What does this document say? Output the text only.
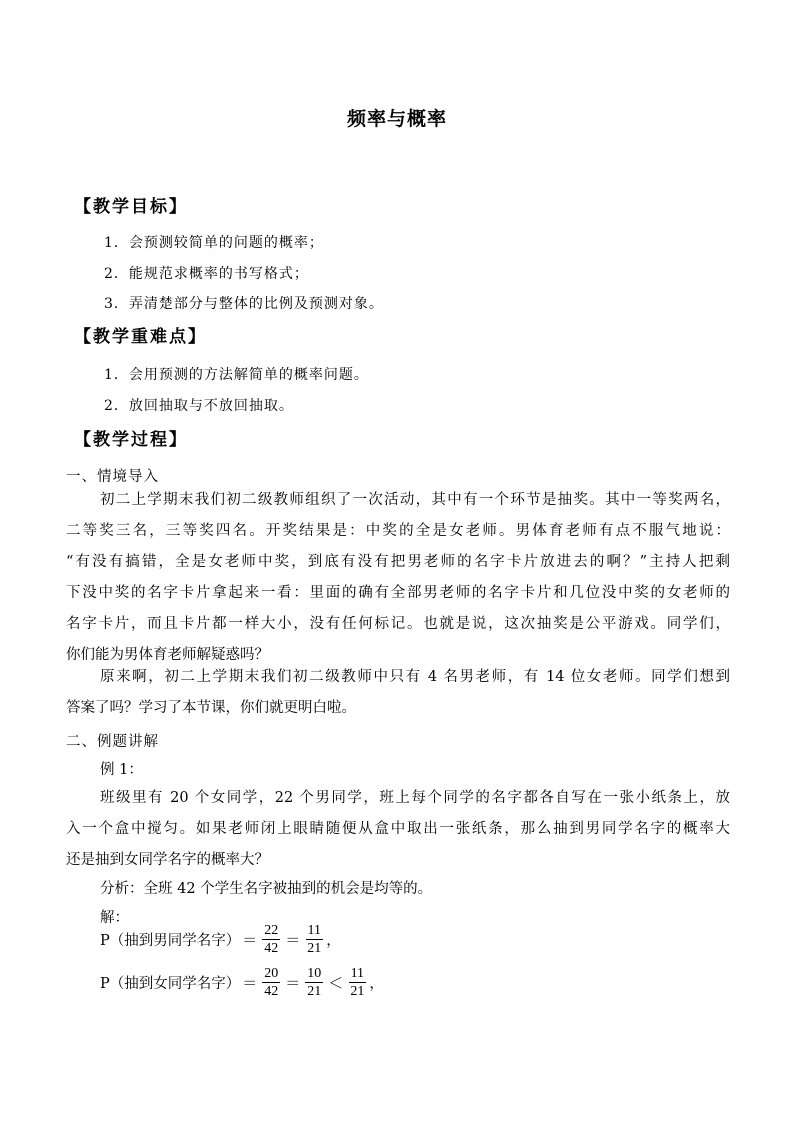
频率与概率
【教学目标】
1．会预测较简单的问题的概率；
2．能规范求概率的书写格式；
3．弄清楚部分与整体的比例及预测对象。
【教学重难点】
1．会用预测的方法解简单的概率问题。
2．放回抽取与不放回抽取。
【教学过程】
一、情境导入
初二上学期末我们初二级教师组织了一次活动，其中有一个环节是抽奖。其中一等奖两名，
二等奖三名，三等奖四名。开奖结果是：中奖的全是女老师。男体育老师有点不服气地说：
“有没有搞错，全是女老师中奖，到底有没有把男老师的名字卡片放进去的啊？”主持人把剩
下没中奖的名字卡片拿起来一看：里面的确有全部男老师的名字卡片和几位没中奖的女老师的
名字卡片，而且卡片都一样大小，没有任何标记。也就是说，这次抽奖是公平游戏。同学们，
你们能为男体育老师解疑惑吗？
原来啊，初二上学期末我们初二级教师中只有 4 名男老师，有 14 位女老师。同学们想到
答案了吗？学习了本节课，你们就更明白啦。
二、例题讲解
例 1：
班级里有 20 个女同学，22 个男同学，班上每个同学的名字都各自写在一张小纸条上，放
入一个盒中搅匀。如果老师闭上眼睛随便从盒中取出一张纸条，那么抽到男同学名字的概率大
还是抽到女同学名字的概率大？
分析：全班 42 个学生名字被抽到的机会是均等的。
解：
P（抽到男同学名字） ＝ $\frac{22}{42} = \frac{11}{21}$ ，
P（抽到女同学名字） ＝ $\frac{20}{42} = \frac{10}{21} < \frac{11}{21}$ ，
